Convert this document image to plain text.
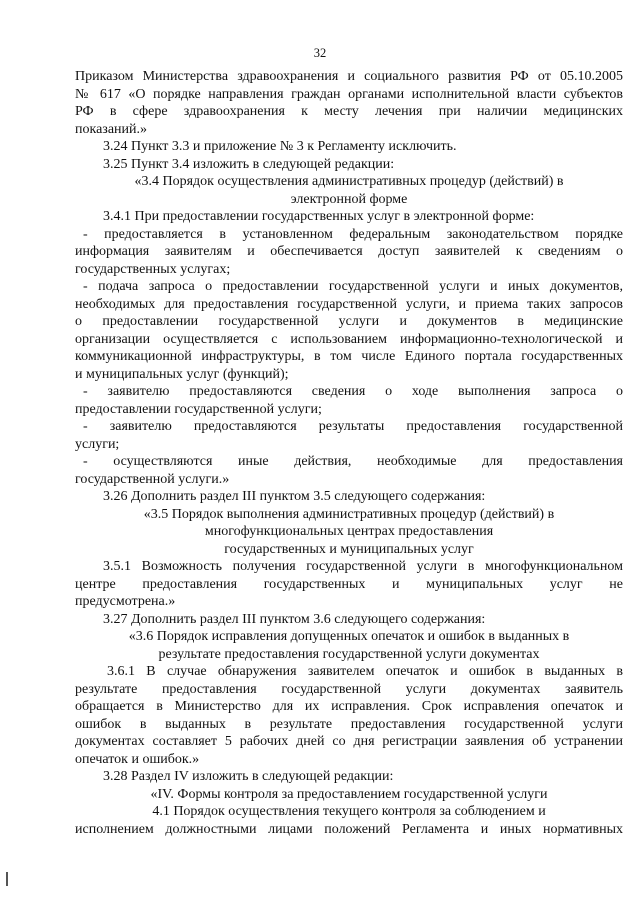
32
Приказом Министерства здравоохранения и социального развития РФ от 05.10.2005
№ 617 «О порядке направления граждан органами исполнительной власти субъектов
РФ в сфере здравоохранения к месту лечения при наличии медицинских
показаний.»
3.24 Пункт 3.3 и приложение № 3 к Регламенту исключить.
3.25 Пункт 3.4 изложить в следующей редакции:
«3.4 Порядок осуществления административных процедур (действий) в
электронной форме
3.4.1 При предоставлении государственных услуг в электронной форме:
- предоставляется в установленном федеральным законодательством порядке
информация заявителям и обеспечивается доступ заявителей к сведениям о
государственных услугах;
- подача запроса о предоставлении государственной услуги и иных документов,
необходимых для предоставления государственной услуги, и приема таких запросов
о предоставлении государственной услуги и документов в медицинские
организации осуществляется с использованием информационно-технологической и
коммуникационной инфраструктуры, в том числе Единого портала государственных
и муниципальных услуг (функций);
- заявителю предоставляются сведения о ходе выполнения запроса о
предоставлении государственной услуги;
- заявителю предоставляются результаты предоставления государственной
услуги;
- осуществляются иные действия, необходимые для предоставления
государственной услуги.»
3.26 Дополнить раздел III пунктом 3.5 следующего содержания:
«3.5 Порядок выполнения административных процедур (действий) в
многофункциональных центрах предоставления
государственных и муниципальных услуг
3.5.1 Возможность получения государственной услуги в многофункциональном
центре предоставления государственных и муниципальных услуг не
предусмотрена.»
3.27 Дополнить раздел III пунктом 3.6 следующего содержания:
«3.6 Порядок исправления допущенных опечаток и ошибок в выданных в
результате предоставления государственной услуги документах
3.6.1 В случае обнаружения заявителем опечаток и ошибок в выданных в
результате предоставления государственной услуги документах заявитель
обращается в Министерство для их исправления. Срок исправления опечаток и
ошибок в выданных в результате предоставления государственной услуги
документах составляет 5 рабочих дней со дня регистрации заявления об устранении
опечаток и ошибок.»
3.28 Раздел IV изложить в следующей редакции:
«IV. Формы контроля за предоставлением государственной услуги
4.1 Порядок осуществления текущего контроля за соблюдением и
исполнением должностными лицами положений Регламента и иных нормативных
